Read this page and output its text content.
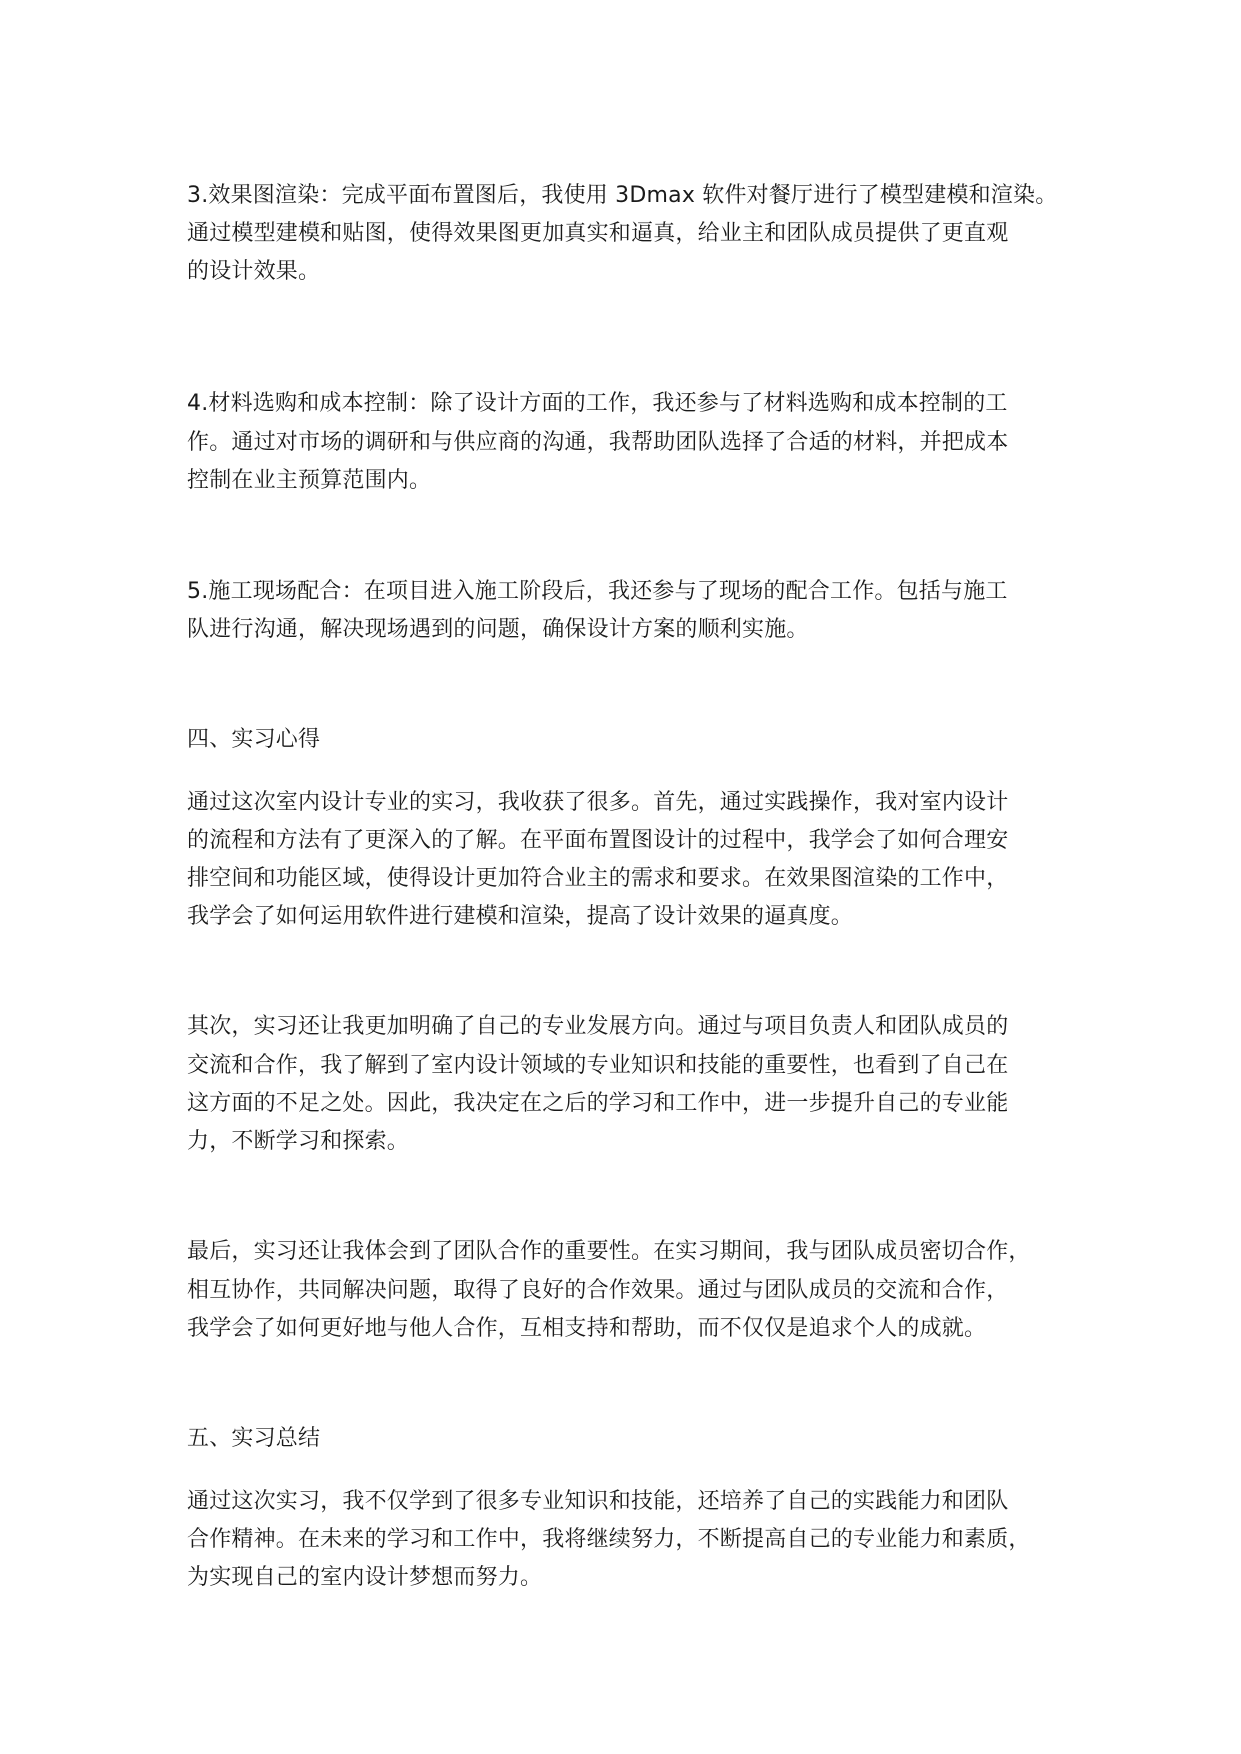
3.效果图渲染：完成平面布置图后，我使用 3Dmax 软件对餐厅进行了模型建模和渲染。
通过模型建模和贴图，使得效果图更加真实和逼真，给业主和团队成员提供了更直观
的设计效果。
4.材料选购和成本控制：除了设计方面的工作，我还参与了材料选购和成本控制的工
作。通过对市场的调研和与供应商的沟通，我帮助团队选择了合适的材料，并把成本
控制在业主预算范围内。
5.施工现场配合：在项目进入施工阶段后，我还参与了现场的配合工作。包括与施工
队进行沟通，解决现场遇到的问题，确保设计方案的顺利实施。
四、实习心得
通过这次室内设计专业的实习，我收获了很多。首先，通过实践操作，我对室内设计
的流程和方法有了更深入的了解。在平面布置图设计的过程中，我学会了如何合理安
排空间和功能区域，使得设计更加符合业主的需求和要求。在效果图渲染的工作中，
我学会了如何运用软件进行建模和渲染，提高了设计效果的逼真度。
其次，实习还让我更加明确了自己的专业发展方向。通过与项目负责人和团队成员的
交流和合作，我了解到了室内设计领域的专业知识和技能的重要性，也看到了自己在
这方面的不足之处。因此，我决定在之后的学习和工作中，进一步提升自己的专业能
力，不断学习和探索。
最后，实习还让我体会到了团队合作的重要性。在实习期间，我与团队成员密切合作，
相互协作，共同解决问题，取得了良好的合作效果。通过与团队成员的交流和合作，
我学会了如何更好地与他人合作，互相支持和帮助，而不仅仅是追求个人的成就。
五、实习总结
通过这次实习，我不仅学到了很多专业知识和技能，还培养了自己的实践能力和团队
合作精神。在未来的学习和工作中，我将继续努力，不断提高自己的专业能力和素质，
为实现自己的室内设计梦想而努力。
